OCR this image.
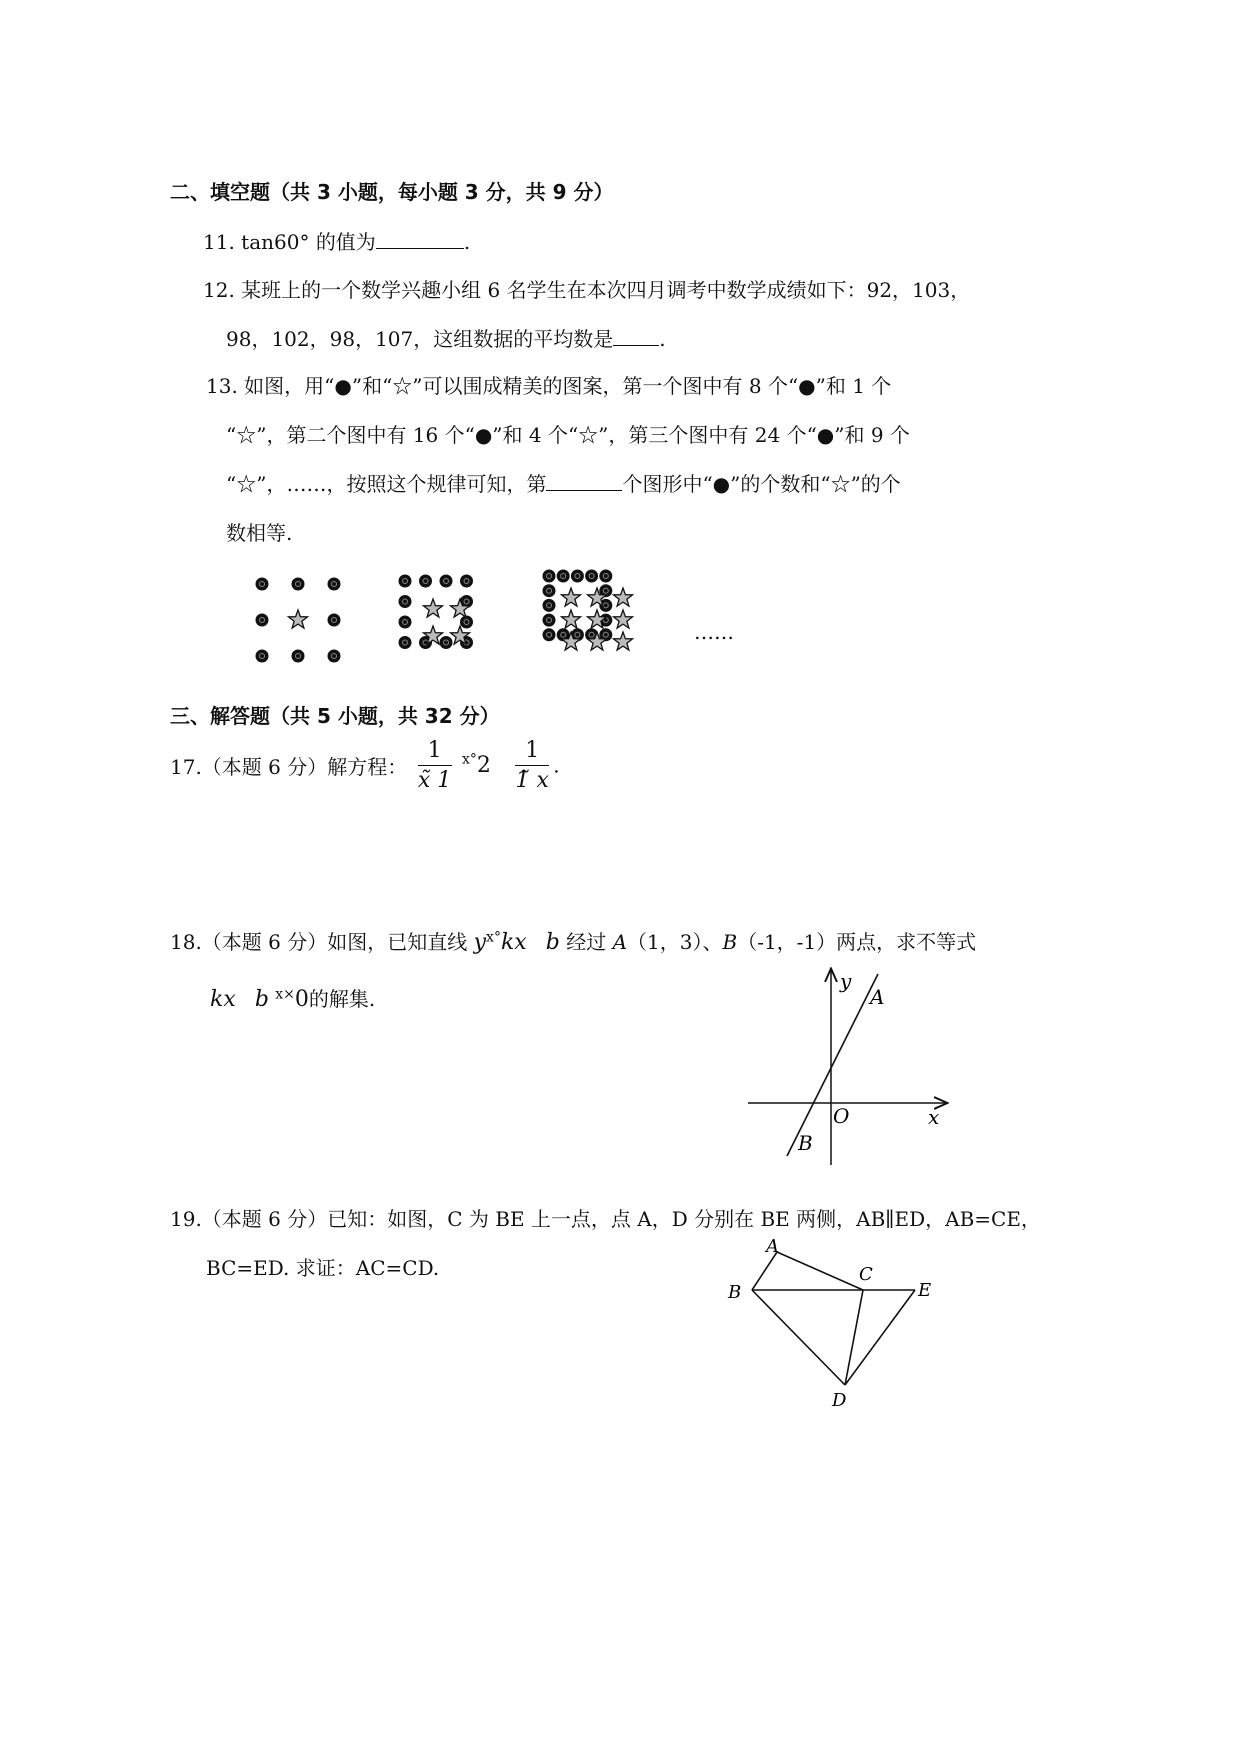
二、填空题（共 3 小题，每小题 3 分，共 9 分）
11. tan60° 的值为	.
12. 某班上的一个数学兴趣小组 6 名学生在本次四月调考中数学成绩如下：92，103，
98，102，98，107，这组数据的平均数是 .
13. 如图，用“●”和“☆”可以围成精美的图案，第一个图中有 8 个“●”和 1 个
“☆”，第二个图中有 16 个“●”和 4 个“☆”，第三个图中有 24 个“●”和 9 个
“☆”，……，按照这个规律可知，第	个图形中“●”的个数和“☆”的个
数相等.
……
三、解答题（共 5 小题，共 32 分）
17.（本题 6 分）解方程： $\frac{1}{x̃ 1} ^{x^\circ}2 \frac{1}{1̃ x}$ .
18.（本题 6 分）如图，已知直线 $y^{x^\circ}kx$ b 经过 A（1，3）、B（-1，-1）两点，求不等式
kx b $^{x\times}$0的解集.
y
x
O
A
B
19.（本题 6 分）已知：如图，C 为 BE 上一点，点 A，D 分别在 BE 两侧，AB∥ED，AB=CE，
BC=ED. 求证：AC=CD.
A
B
C
E
D
